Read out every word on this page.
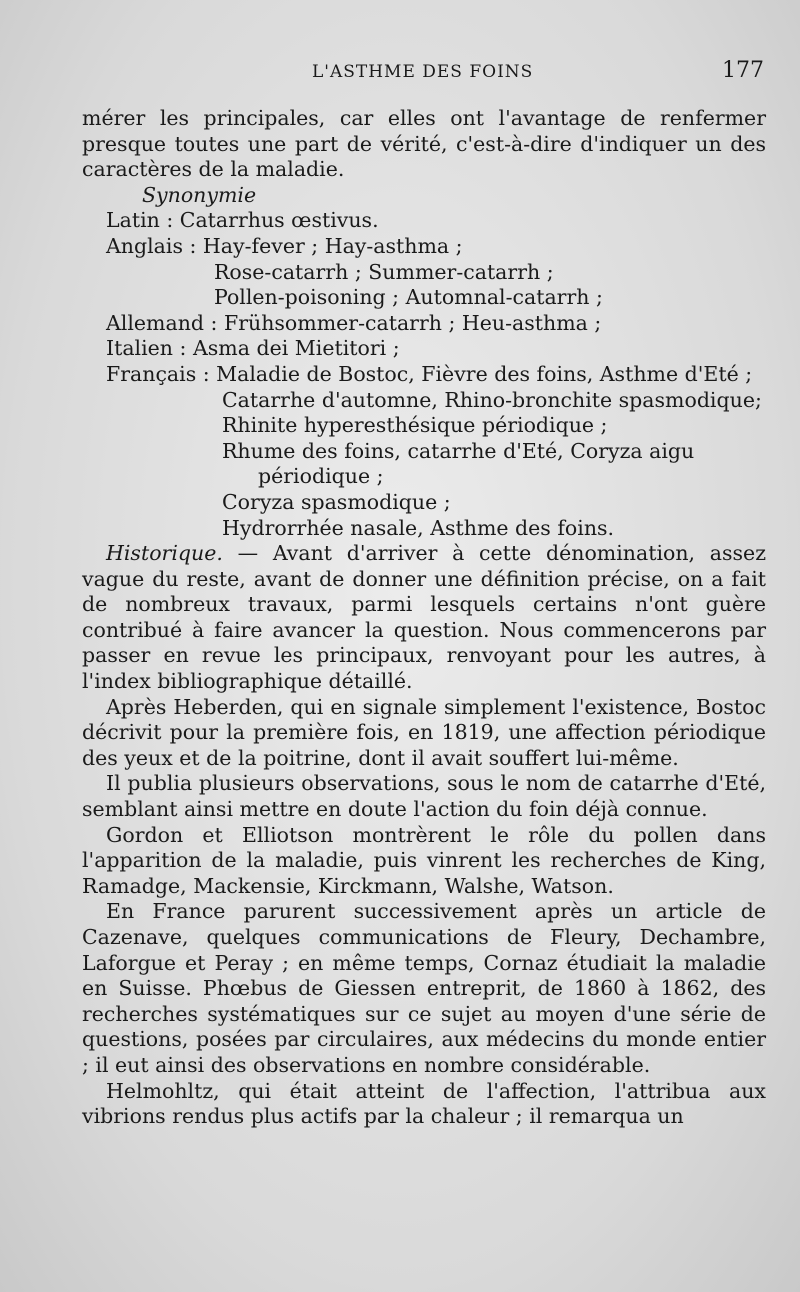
L'ASTHME DES FOINS	177

mérer les principales, car elles ont l'avantage de renfermer presque toutes une part de vérité, c'est-à-dire d'indiquer un des caractères de la maladie.

Synonymie

Latin : Catarrhus œstivus.

Anglais : Hay-fever ; Hay-asthma ;

Rose-catarrh ; Summer-catarrh ;

Pollen-poisoning ; Automnal-catarrh ;

Allemand : Frühsommer-catarrh ; Heu-asthma ;

Italien : Asma dei Mietitori ;

Français : Maladie de Bostoc, Fièvre des foins, Asthme d'Eté ;

Catarrhe d'automne, Rhino-bronchite spasmodique;

Rhinite hyperesthésique périodique ;

Rhume des foins, catarrhe d'Eté, Coryza aigu

périodique ;

Coryza spasmodique ;

Hydrorrhée nasale, Asthme des foins.

Historique. — Avant d'arriver à cette dénomination, assez vague du reste, avant de donner une définition précise, on a fait de nombreux travaux, parmi lesquels certains n'ont guère contribué à faire avancer la question. Nous commencerons par passer en revue les principaux, renvoyant pour les autres, à l'index bibliographique détaillé.

Après Heberden, qui en signale simplement l'existence, Bostoc décrivit pour la première fois, en 1819, une affection périodique des yeux et de la poitrine, dont il avait souffert lui-même.

Il publia plusieurs observations, sous le nom de catarrhe d'Eté, semblant ainsi mettre en doute l'action du foin déjà connue.

Gordon et Elliotson montrèrent le rôle du pollen dans l'apparition de la maladie, puis vinrent les recherches de King, Ramadge, Mackensie, Kirckmann, Walshe, Watson.

En France parurent successivement après un article de Cazenave, quelques communications de Fleury, Dechambre, Laforgue et Peray ; en même temps, Cornaz étudiait la maladie en Suisse. Phœbus de Giessen entreprit, de 1860 à 1862, des recherches systématiques sur ce sujet au moyen d'une série de questions, posées par circulaires, aux médecins du monde entier ; il eut ainsi des observations en nombre considérable.

Helmohltz, qui était atteint de l'affection, l'attribua aux vibrions rendus plus actifs par la chaleur ; il remarqua un
